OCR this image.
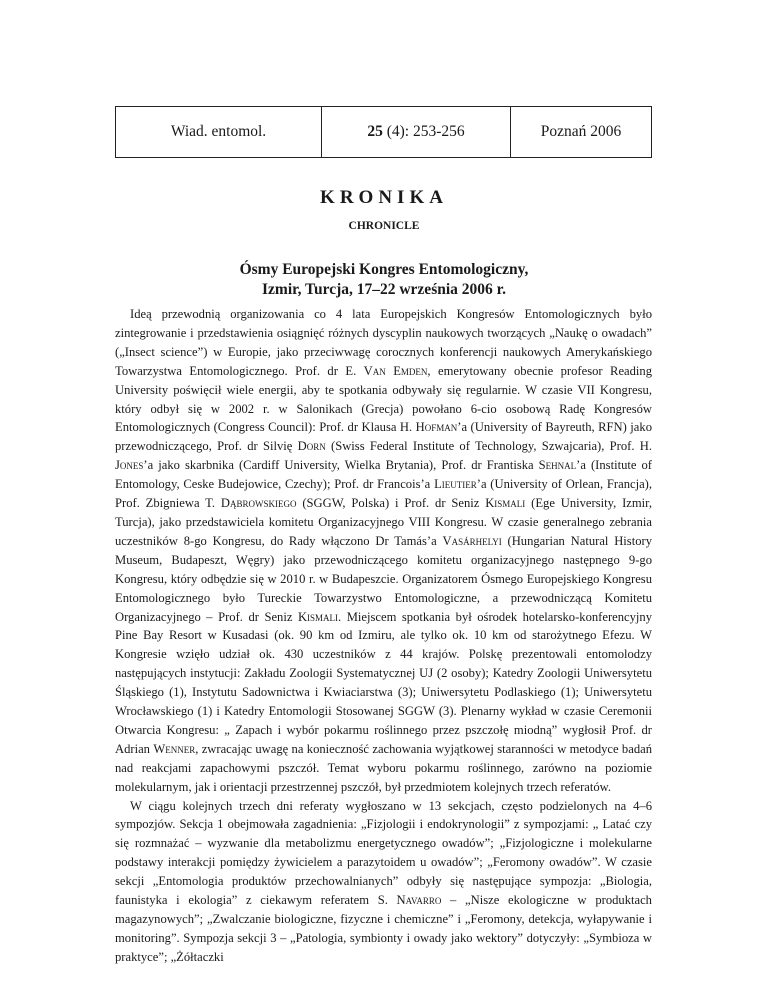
Wiad. entomol.	25 (4): 253-256	Poznań 2006
KRONIKA
CHRONICLE
Ósmy Europejski Kongres Entomologiczny,
Izmir, Turcja, 17–22 września 2006 r.

Ideą przewodnią organizowania co 4 lata Europejskich Kongresów Entomologicznych było zintegrowanie i przedstawienia osiągnięć różnych dyscyplin naukowych tworzących „Naukę o owadach” („Insect science”) w Europie, jako przeciwwagę corocznych konferencji naukowych Amerykańskiego Towarzystwa Entomologicznego. Prof. dr E. Van Emden, emerytowany obecnie profesor Reading University poświęcił wiele energii, aby te spotkania odbywały się regularnie. W czasie VII Kongresu, który odbył się w 2002 r. w Salonikach (Grecja) powołano 6-cio osobową Radę Kongresów Entomologicznych (Congress Council): Prof. dr Klausa H. Hofman’a (University of Bayreuth, RFN) jako przewodniczącego, Prof. dr Silvię Dorn (Swiss Federal Institute of Technology, Szwajcaria), Prof. H. Jones’a jako skarbnika (Cardiff University, Wielka Brytania), Prof. dr Frantiska Sehnal’a (Institute of Entomology, Ceske Budejowice, Czechy); Prof. dr Francois’a Lieutier’a (University of Orlean, Francja), Prof. Zbigniewa T. Dąbrowskiego (SGGW, Polska) i Prof. dr Seniz Kismali (Ege University, Izmir, Turcja), jako przedstawiciela komitetu Organizacyjnego VIII Kongresu. W czasie generalnego zebrania uczestników 8-go Kongresu, do Rady włączono Dr Tamás’a Vasárhelyi (Hungarian Natural History Museum, Budapeszt, Węgry) jako przewodniczącego komitetu organizacyjnego następnego 9-go Kongresu, który odbędzie się w 2010 r. w Budapeszcie. Organizatorem Ósmego Europejskiego Kongresu Entomologicznego było Tureckie Towarzystwo Entomologiczne, a przewodniczącą Komitetu Organizacyjnego – Prof. dr Seniz Kismali. Miejscem spotkania był ośrodek hotelarsko-konferencyjny Pine Bay Resort w Kusadasi (ok. 90 km od Izmiru, ale tylko ok. 10 km od starożytnego Efezu. W Kongresie wzięło udział ok. 430 uczestników z 44 krajów. Polskę prezentowali entomolodzy następujących instytucji: Zakładu Zoologii Systematycznej UJ (2 osoby); Katedry Zoologii Uniwersytetu Śląskiego (1), Instytutu Sadownictwa i Kwiaciarstwa (3); Uniwersytetu Podlaskiego (1); Uniwersytetu Wrocławskiego (1) i Katedry Entomologii Stosowanej SGGW (3). Plenarny wykład w czasie Ceremonii Otwarcia Kongresu: „ Zapach i wybór pokarmu roślinnego przez pszczołę miodną” wygłosił Prof. dr Adrian Wenner, zwracając uwagę na konieczność zachowania wyjątkowej staranności w metodyce badań nad reakcjami zapachowymi pszczół. Temat wyboru pokarmu roślinnego, zarówno na poziomie molekularnym, jak i orientacji przestrzennej pszczół, był przedmiotem kolejnych trzech referatów.

W ciągu kolejnych trzech dni referaty wygłoszano w 13 sekcjach, często podzielonych na 4–6 sympozjów. Sekcja 1 obejmowała zagadnienia: „Fizjologii i endokrynologii” z sympozjami: „ Latać czy się rozmnażać – wyzwanie dla metabolizmu energetycznego owadów”; „Fizjologiczne i molekularne podstawy interakcji pomiędzy żywicielem a parazytoidem u owadów”; „Feromony owadów”. W czasie sekcji „Entomologia produktów przechowalnianych” odbyły się następujące sympozja: „Biologia, faunistyka i ekologia” z ciekawym referatem S. Navarro – „Nisze ekologiczne w produktach magazynowych”; „Zwalczanie biologiczne, fizyczne i chemiczne” i „Feromony, detekcja, wyłapywanie i monitoring”. Sympozja sekcji 3 – „Patologia, symbionty i owady jako wektory” dotyczyły: „Symbioza w praktyce”; „Żółtaczki
